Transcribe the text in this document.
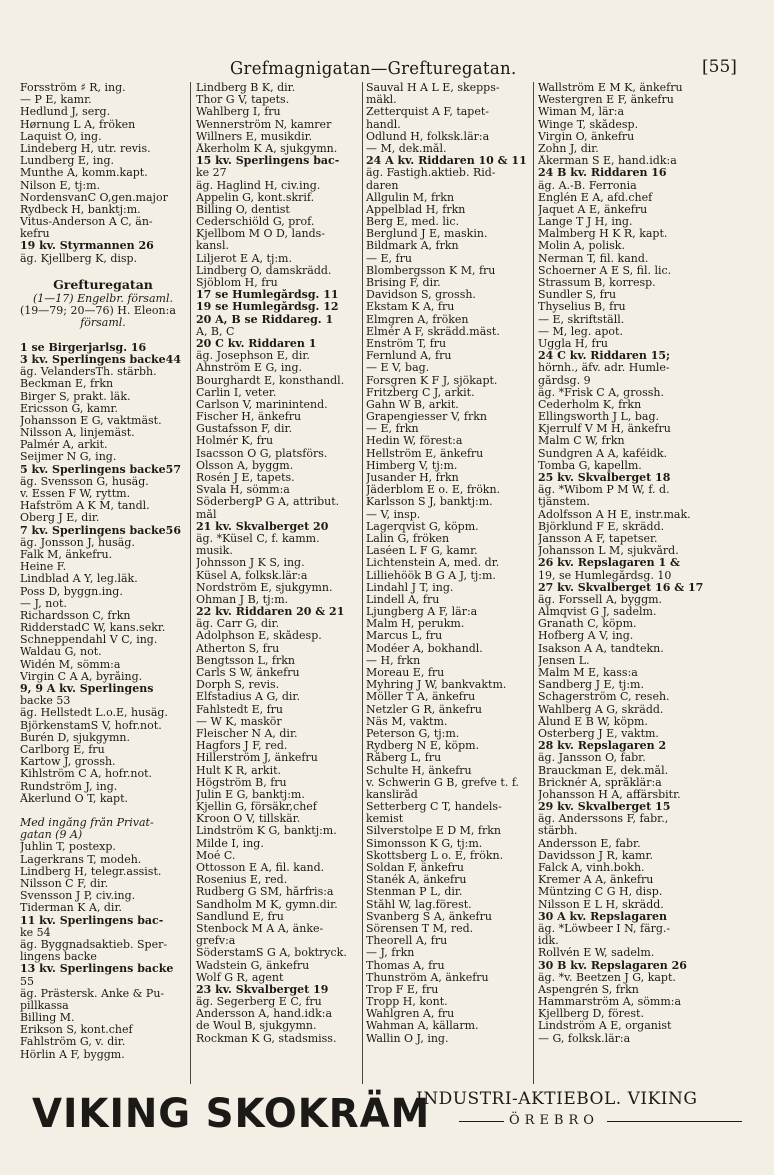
Grefmagnigatan—Grefturegatan.	[55]
Forsström ♯ R, ing.
— P E, kamr.
Hedlund J, serg.
Hørnung L A, fröken
Laquist O, ing.
Lindeberg H, utr. revis.
Lundberg E, ing.
Munthe A, komm.kapt.
Nilson E, tj:m.
NordensvanC O,gen.major
Rydbeck H, banktj:m.
Vitus-Anderson A C, än-
kefru
19 kv. Styrmannen 26
äg. Kjellberg K, disp.

Grefturegatan
(1—17) Engelbr. församl.
(19—79; 20—76) H. Eleon:a
församl.

1 se Birgerjarlsg. 16
3 kv. Sperlingens backe44
äg. VelandersTh. stärbh.
Beckman E, frkn
Birger S, prakt. läk.
Ericsson G, kamr.
Johansson E G, vaktmäst.
Nilsson A, linjemäst.
Palmér A, arkit.
Seijmer N G, ing.
5 kv. Sperlingens backe57
äg. Svensson G, husäg.
v. Essen F W, ryttm.
Hafström A K M, tandl.
Öberg J E, dir.
7 kv. Sperlingens backe56
äg. Jonsson J, husäg.
Falk M, änkefru.
Heine F.
Lindblad A Y, leg.läk.
Poss D, byggn.ing.
— J, not.
Richardsson C, frkn
RidderstadC W, kans.sekr.
Schneppendahl V C, ing.
Waldau G, not.
Widén M, sömm:a
Virgin C A A, byråing.
9, 9 A kv. Sperlingens
backe 53
äg. Hellstedt L.o.E, husäg.
BjörkenstamS V, hofr.not.
Burén D, sjukgymn.
Carlborg E, fru
Kartow J, grossh.
Kihlström C A, hofr.not.
Rundström J, ing.
Åkerlund O T, kapt.

Med ingång från Privat-
gatan (9 A)
Juhlin T, postexp.
Lagerkrans T, modeh.
Lindberg H, telegr.assist.
Nilsson C F, dir.
Svensson J P, civ.ing.
Tiderman K A, dir.
11 kv. Sperlingens bac-
ke 54
äg. Byggnadsaktieb. Sper-
lingens backe
13 kv. Sperlingens backe
55
äg. Prästersk. Änke & Pu-
pillkassa
Billing M.
Erikson S, kont.chef
Fahlström G, v. dir.
Hörlin A F, byggm.
Lindberg B K, dir.
Thor G V, tapets.
Wahlberg I, fru
Wennerström N, kamrer
Willners E, musikdir.
Åkerholm K A, sjukgymn.
15 kv. Sperlingens bac-
ke 27
äg. Haglind H, civ.ing.
Appelin G, kont.skrif.
Billing O, dentist
Cederschiöld G, prof.
Kjellbom M O D, lands-
kansl.
Liljerot E A, tj:m.
Lindberg O, damskrädd.
Sjöblom H, fru
17 se Humlegårdsg. 11
19 se Humlegårdsg. 12
20 A, B se Riddareg. 1
A, B, C
20 C kv. Riddaren 1
äg. Josephson E, dir.
Ahnström E G, ing.
Bourghardt E, konsthandl.
Carlin I, veter.
Carlson V, marinintend.
Fischer H, änkefru
Gustafsson F, dir.
Holmér K, fru
Isacsson O G, platsförs.
Olsson A, byggm.
Rosén J E, tapets.
Svala H, sömm:a
SöderbergP G A, attribut.
mål
21 kv. Skvalberget 20
äg. *Küsel C, f. kamm.
musik.
Johnsson J K S, ing.
Küsel A, folksk.lär:a
Nordström E, sjukgymn.
Öhman J B, tj:m.
22 kv. Riddaren 20 & 21
äg. Carr G, dir.
Adolphson E, skådesp.
Atherton S, fru
Bengtsson L, frkn
Carls S W, änkefru
Dorph S, revis.
Elfstadius A G, dir.
Fahlstedt E, fru
— W K, maskör
Fleischer N A, dir.
Hagfors J F, red.
Hillerström J, änkefru
Hult K R, arkit.
Högström B, fru
Julin E G, banktj:m.
Kjellin G, försäkr,chef
Kroon O V, tillskär.
Lindström K G, banktj:m.
Milde I, ing.
Moé C.
Ottosson E A, fil. kand.
Rosenius E, red.
Rudberg G SM, hårfris:a
Sandholm M K, gymn.dir.
Sandlund E, fru
Stenbock M A A, änke-
grefv:a
SöderstamS G A, boktryck.
Wadstein G, änkefru
Wolf G R, agent
23 kv. Skvalberget 19
äg. Segerberg E C, fru
Andersson A, hand.idk:a
de Woul B, sjukgymn.
Rockman K G, stadsmiss.
Sauval H A L E, skepps-
mäkl.
Zetterquist A F, tapet-
handl.
Ödlund H, folksk.lär:a
— M, dek.mål.
24 A kv. Riddaren 10 & 11
äg. Fastigh.aktieb. Rid-
daren
Allgulin M, frkn
Appelblad H, frkn
Berg E, med. lic.
Berglund J E, maskin.
Bildmark A, frkn
— E, fru
Blombergsson K M, fru
Brising F, dir.
Davidson S, grossh.
Ekstam K A, fru
Elmgren A, fröken
Elmér A F, skrädd.mäst.
Enström T, fru
Fernlund A, fru
— E V, bag.
Forsgren K F J, sjökapt.
Fritzberg C J, arkit.
Gahn W B, arkit.
Grapengiesser V, frkn
— E, frkn
Hedin W, förest:a
Hellström E, änkefru
Himberg V, tj:m.
Jusander H, frkn
Jäderblom E o. E, frökn.
Karlsson S J, banktj:m.
— V, insp.
Lagerqvist G, köpm.
Lalin G, fröken
Laséen L F G, kamr.
Lichtenstein A, med. dr.
Lilliehöök B G A J, tj:m.
Lindahl J T, ing.
Lindell A, fru
Ljungberg A F, lär:a
Malm H, perukm.
Marcus L, fru
Modéer A, bokhandl.
— H, frkn
Moreau E, fru
Myhring J W, bankvaktm.
Möller T A, änkefru
Netzler G R, änkefru
Näs M, vaktm.
Peterson G, tj:m.
Rydberg N E, köpm.
Råberg L, fru
Schulte H, änkefru
v. Schwerin G B, grefve t. f.
kansliråd
Setterberg C T, handels-
kemist
Silverstolpe E D M, frkn
Simonsson K G, tj:m.
Skottsberg L o. E, frökn.
Soldan F, änkefru
Stanék A, änkefru
Stenman P L, dir.
Ståhl W, lag.förest.
Svanberg S A, änkefru
Sörensen T M, red.
Theorell A, fru
— J, frkn
Thomas A, fru
Thunström A, änkefru
Trop F E, fru
Tropp H, kont.
Wahlgren A, fru
Wahman A, källarm.
Wallin O J, ing.
Wallström E M K, änkefru
Westergren E F, änkefru
Wiman M, lär:a
Winge T, skådesp.
Virgin O, änkefru
Zohn J, dir.
Åkerman S E, hand.idk:a
24 B kv. Riddaren 16
äg. A.-B. Ferronia
Englén E A, afd.chef
Jaquet A E, änkefru
Lange T J H, ing.
Malmberg H K R, kapt.
Molin A, polisk.
Nerman T, fil. kand.
Schoerner A E S, fil. lic.
Strassum B, korresp.
Sundler S, fru
Thyselius B, fru
— E, skriftställ.
— M, leg. apot.
Uggla H, fru
24 C kv. Riddaren 15;
hörnh., äfv. adr. Humle-
gårdsg. 9
äg. *Frisk C A, grossh.
Cederholm K, frkn
Ellingsworth J L, bag.
Kjerrulf V M H, änkefru
Malm C W, frkn
Sundgren A A, kaféidk.
Tomba G, kapellm.
25 kv. Skvalberget 18
äg. *Wibom P M W, f. d.
tjänstem.
Adolfsson A H E, instr.mak.
Björklund F E, skrädd.
Jansson A F, tapetser.
Johansson L M, sjukvård.
26 kv. Repslagaren 1 &
19, se Humlegårdsg. 10
27 kv. Skvalberget 16 & 17
äg. Forssell A, byggm.
Almqvist G J, sadelm.
Granath C, köpm.
Hofberg A V, ing.
Isakson A A, tandtekn.
Jensen L.
Malm M E, kass:a
Sandberg J E, tj:m.
Schagerström C, reseh.
Wahlberg A G, skrädd.
Ålund E B W, köpm.
Österberg J E, vaktm.
28 kv. Repslagaren 2
äg. Jansson O, fabr.
Brauckman E, dek.mål.
Bricknér A, språklär:a
Johansson H A, affärsbitr.
29 kv. Skvalberget 15
äg. Anderssons F, fabr.,
stärbh.
Andersson E, fabr.
Davidsson J R, kamr.
Falck A, vinh.bokh.
Kremer A A, änkefru
Müntzing C G H, disp.
Nilsson E L H, skrädd.
30 A kv. Repslagaren
äg. *Löwbeer I N, färg.-
idk.
Rollvén E W, sadelm.
30 B kv. Repslagaren 26
äg. *v. Beetzen J G, kapt.
Aspengrén S, frkn
Hammarström A, sömm:a
Kjellberg D, förest.
Lindström A E, organist
— G, folksk.lär:a
VIKING SKOKRÄM
INDUSTRI-AKTIEBOL. VIKING
ÖREBRO
